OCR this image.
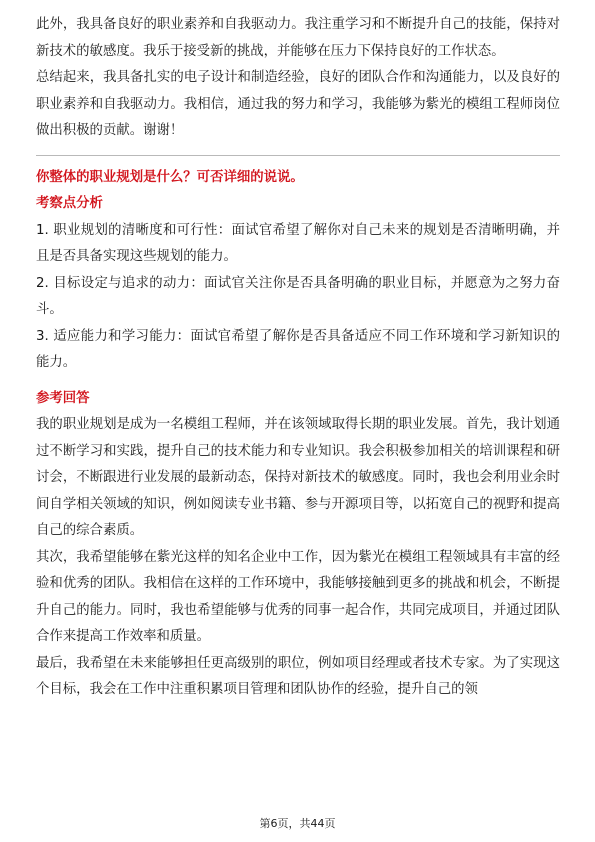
此外，我具备良好的职业素养和自我驱动力。我注重学习和不断提升自己的技能，保持对新技术的敏感度。我乐于接受新的挑战，并能够在压力下保持良好的工作状态。

总结起来，我具备扎实的电子设计和制造经验，良好的团队合作和沟通能力，以及良好的职业素养和自我驱动力。我相信，通过我的努力和学习，我能够为紫光的模组工程师岗位做出积极的贡献。谢谢！

你整体的职业规划是什么？可否详细的说说。

考察点分析

1. 职业规划的清晰度和可行性：面试官希望了解你对自己未来的规划是否清晰明确，并且是否具备实现这些规划的能力。

2. 目标设定与追求的动力：面试官关注你是否具备明确的职业目标，并愿意为之努力奋斗。

3. 适应能力和学习能力：面试官希望了解你是否具备适应不同工作环境和学习新知识的能力。

参考回答

我的职业规划是成为一名模组工程师，并在该领域取得长期的职业发展。首先，我计划通过不断学习和实践，提升自己的技术能力和专业知识。我会积极参加相关的培训课程和研讨会，不断跟进行业发展的最新动态，保持对新技术的敏感度。同时，我也会利用业余时间自学相关领域的知识，例如阅读专业书籍、参与开源项目等，以拓宽自己的视野和提高自己的综合素质。

其次，我希望能够在紫光这样的知名企业中工作，因为紫光在模组工程领域具有丰富的经验和优秀的团队。我相信在这样的工作环境中，我能够接触到更多的挑战和机会，不断提升自己的能力。同时，我也希望能够与优秀的同事一起合作，共同完成项目，并通过团队合作来提高工作效率和质量。

最后，我希望在未来能够担任更高级别的职位，例如项目经理或者技术专家。为了实现这个目标，我会在工作中注重积累项目管理和团队协作的经验，提升自己的领

第6页，共44页
